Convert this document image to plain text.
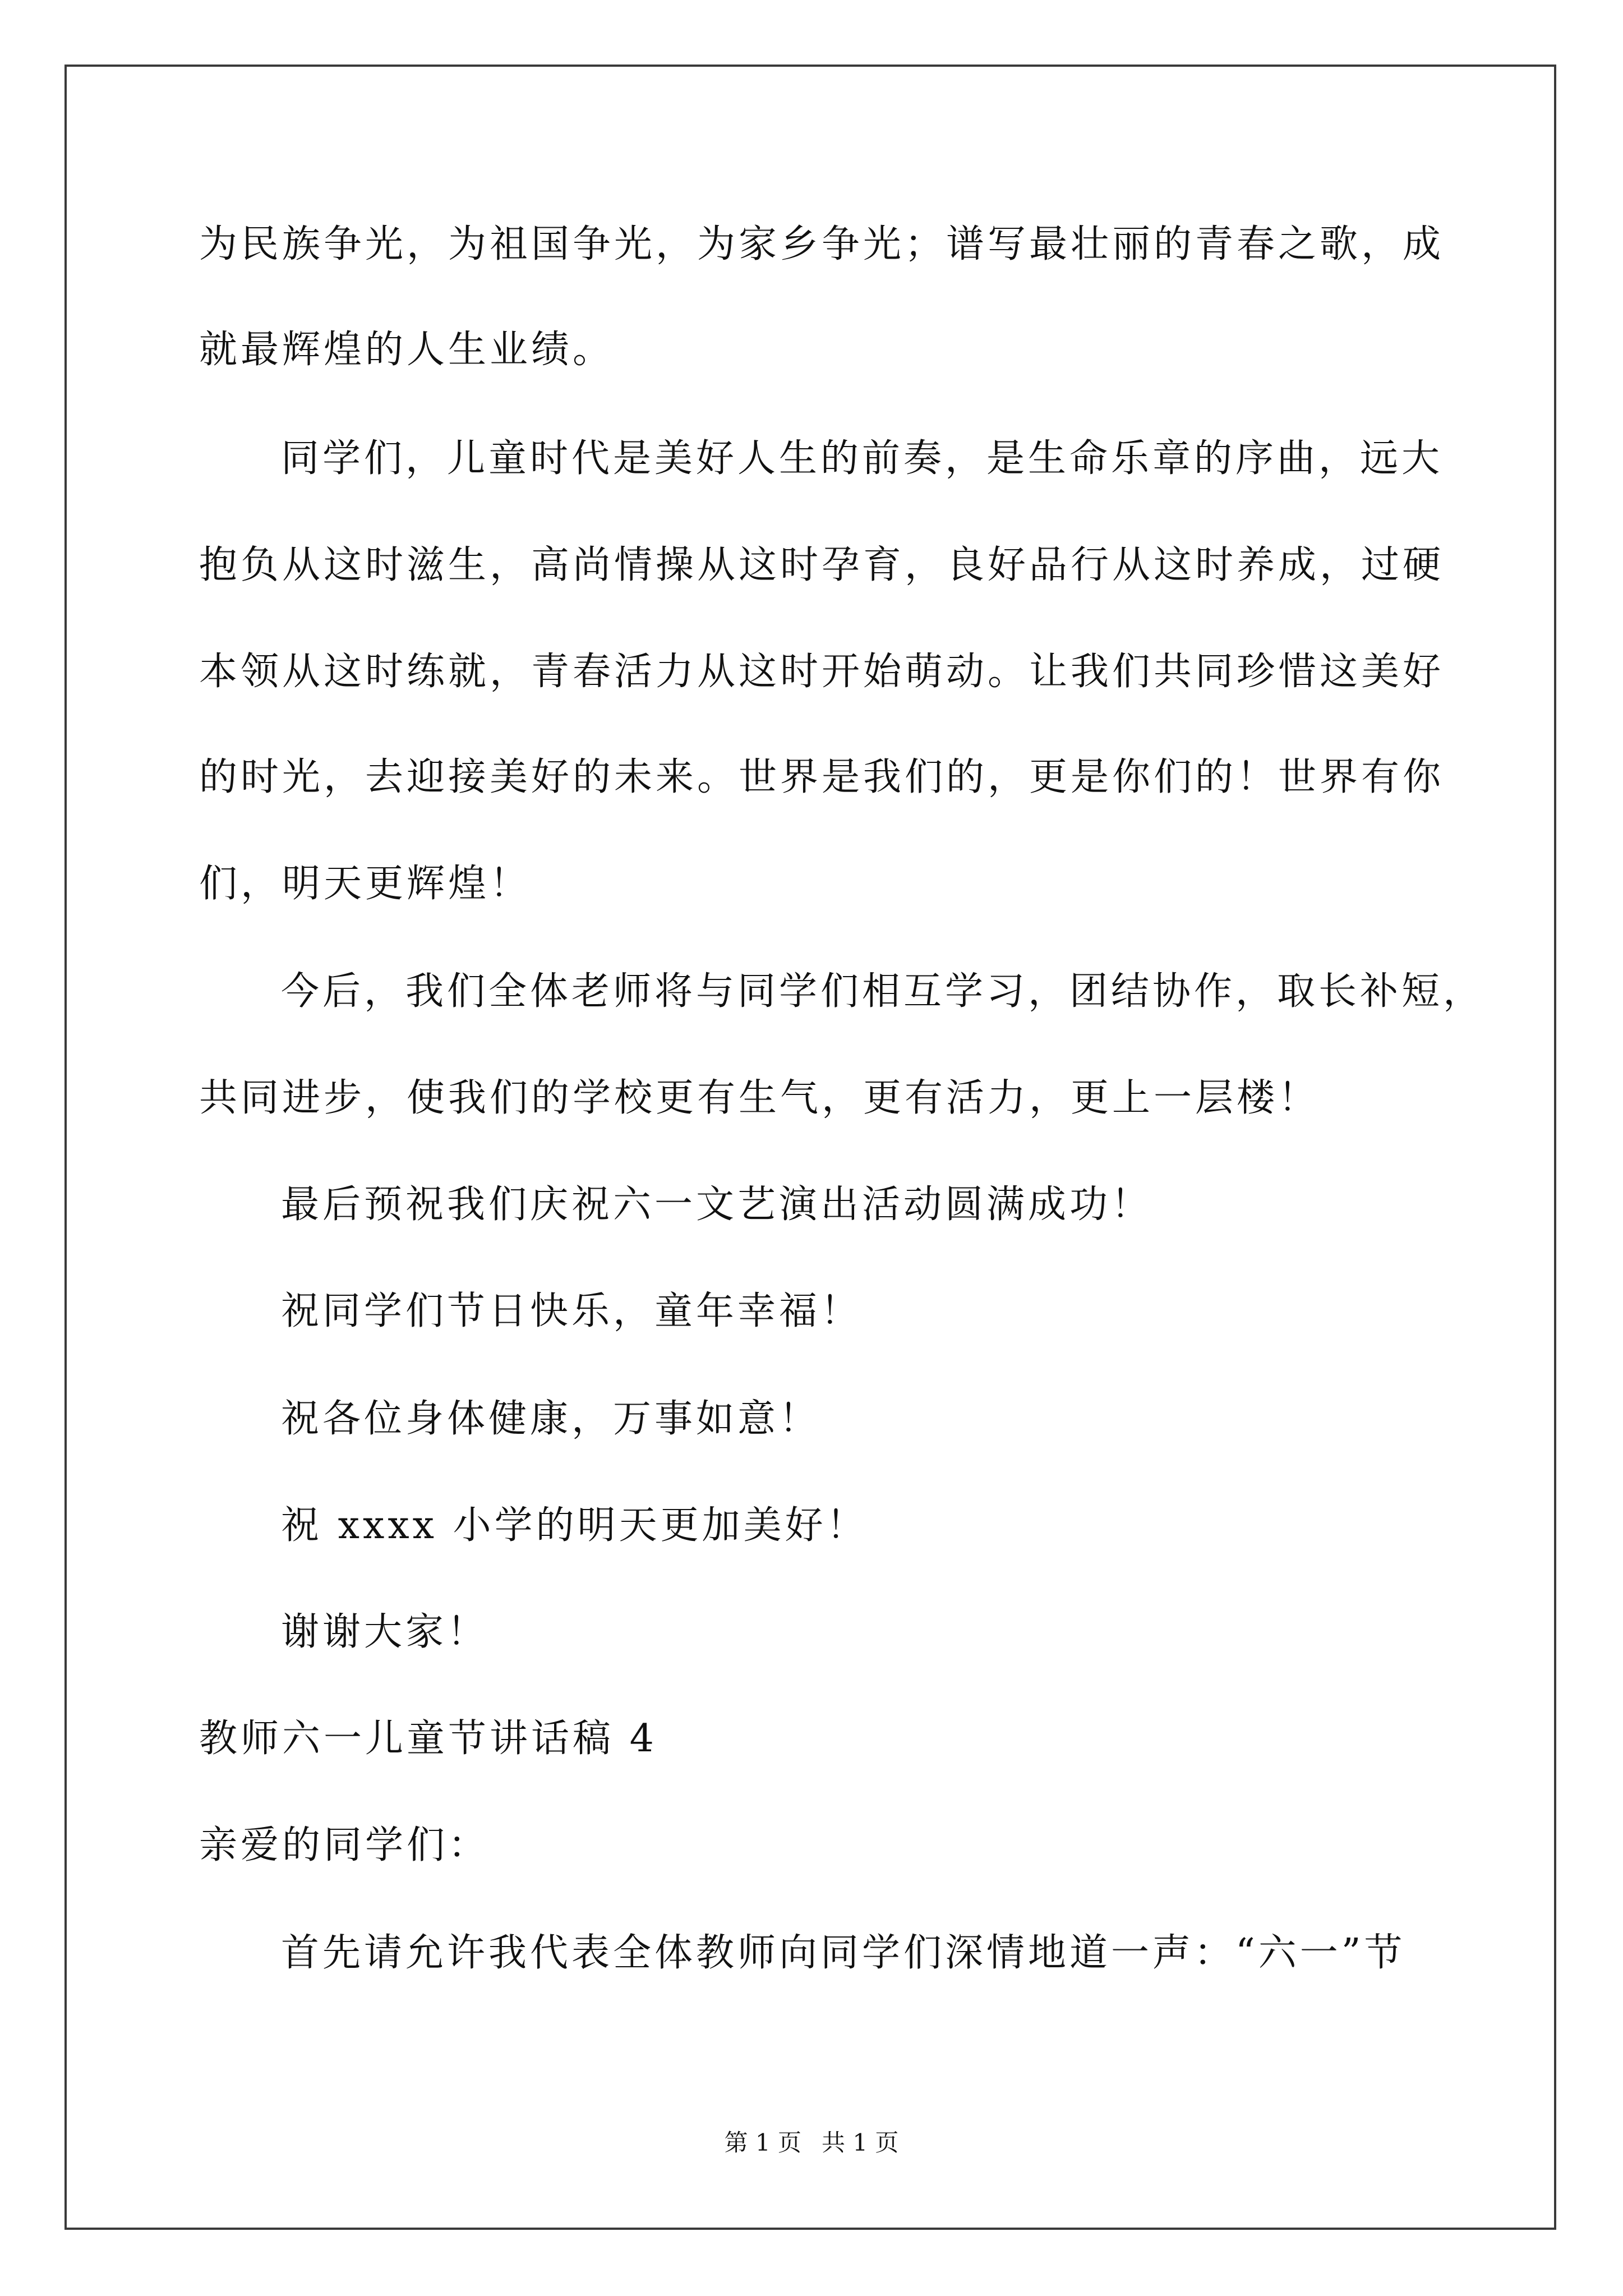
为民族争光，为祖国争光，为家乡争光；谱写最壮丽的青春之歌，成
就最辉煌的人生业绩。
同学们，儿童时代是美好人生的前奏，是生命乐章的序曲，远大
抱负从这时滋生，高尚情操从这时孕育，良好品行从这时养成，过硬
本领从这时练就，青春活力从这时开始萌动。让我们共同珍惜这美好
的时光，去迎接美好的未来。世界是我们的，更是你们的！世界有你
们，明天更辉煌！
今后，我们全体老师将与同学们相互学习，团结协作，取长补短，
共同进步，使我们的学校更有生气，更有活力，更上一层楼！
最后预祝我们庆祝六一文艺演出活动圆满成功！
祝同学们节日快乐，童年幸福！
祝各位身体健康，万事如意！
祝 xxxx 小学的明天更加美好！
谢谢大家！
教师六一儿童节讲话稿 4
亲爱的同学们：
首先请允许我代表全体教师向同学们深情地道一声：“六一”节
第 1 页 共 1 页
